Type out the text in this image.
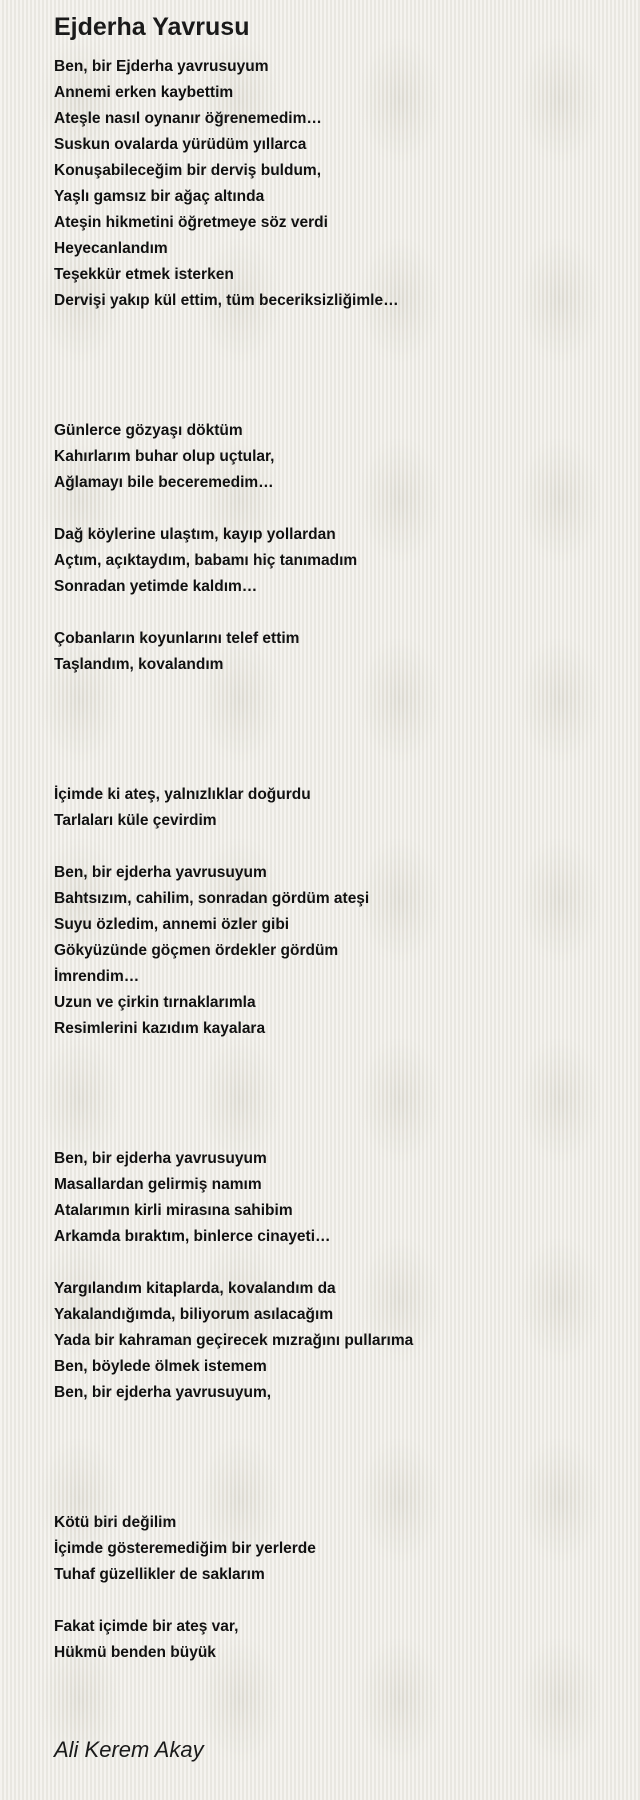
Ejderha Yavrusu
Ben, bir Ejderha yavrusuyum
Annemi erken kaybettim
Ateşle nasıl oynanır öğrenemedim…
Suskun ovalarda yürüdüm yıllarca
Konuşabileceğim bir derviş buldum,
Yaşlı gamsız bir ağaç altında
Ateşin hikmetini öğretmeye söz verdi
Heyecanlandım
Teşekkür etmek isterken
Dervişi yakıp kül ettim, tüm beceriksizliğimle…
Günlerce gözyaşı döktüm
Kahırlarım buhar olup uçtular,
Ağlamayı bile beceremedim…
Dağ köylerine ulaştım, kayıp yollardan
Açtım, açıktaydım, babamı hiç tanımadım
Sonradan yetimde kaldım…
Çobanların koyunlarını telef ettim
Taşlandım, kovalandım
İçimde ki ateş, yalnızlıklar doğurdu
Tarlaları küle çevirdim
Ben, bir ejderha yavrusuyum
Bahtsızım, cahilim, sonradan gördüm ateşi
Suyu özledim, annemi özler gibi
Gökyüzünde göçmen ördekler gördüm
İmrendim…
Uzun ve çirkin tırnaklarımla
Resimlerini kazıdım kayalara
Ben, bir ejderha yavrusuyum
Masallardan gelirmiş namım
Atalarımın kirli mirasına sahibim
Arkamda bıraktım, binlerce cinayeti…
Yargılandım kitaplarda, kovalandım da
Yakalandığımda, biliyorum asılacağım
Yada bir kahraman geçirecek mızrağını pullarıma
Ben, böylede ölmek istemem
Ben, bir ejderha yavrusuyum,
Kötü biri değilim
İçimde gösteremediğim bir yerlerde
Tuhaf güzellikler de saklarım
Fakat içimde bir ateş var,
Hükmü benden büyük
Ali Kerem Akay
